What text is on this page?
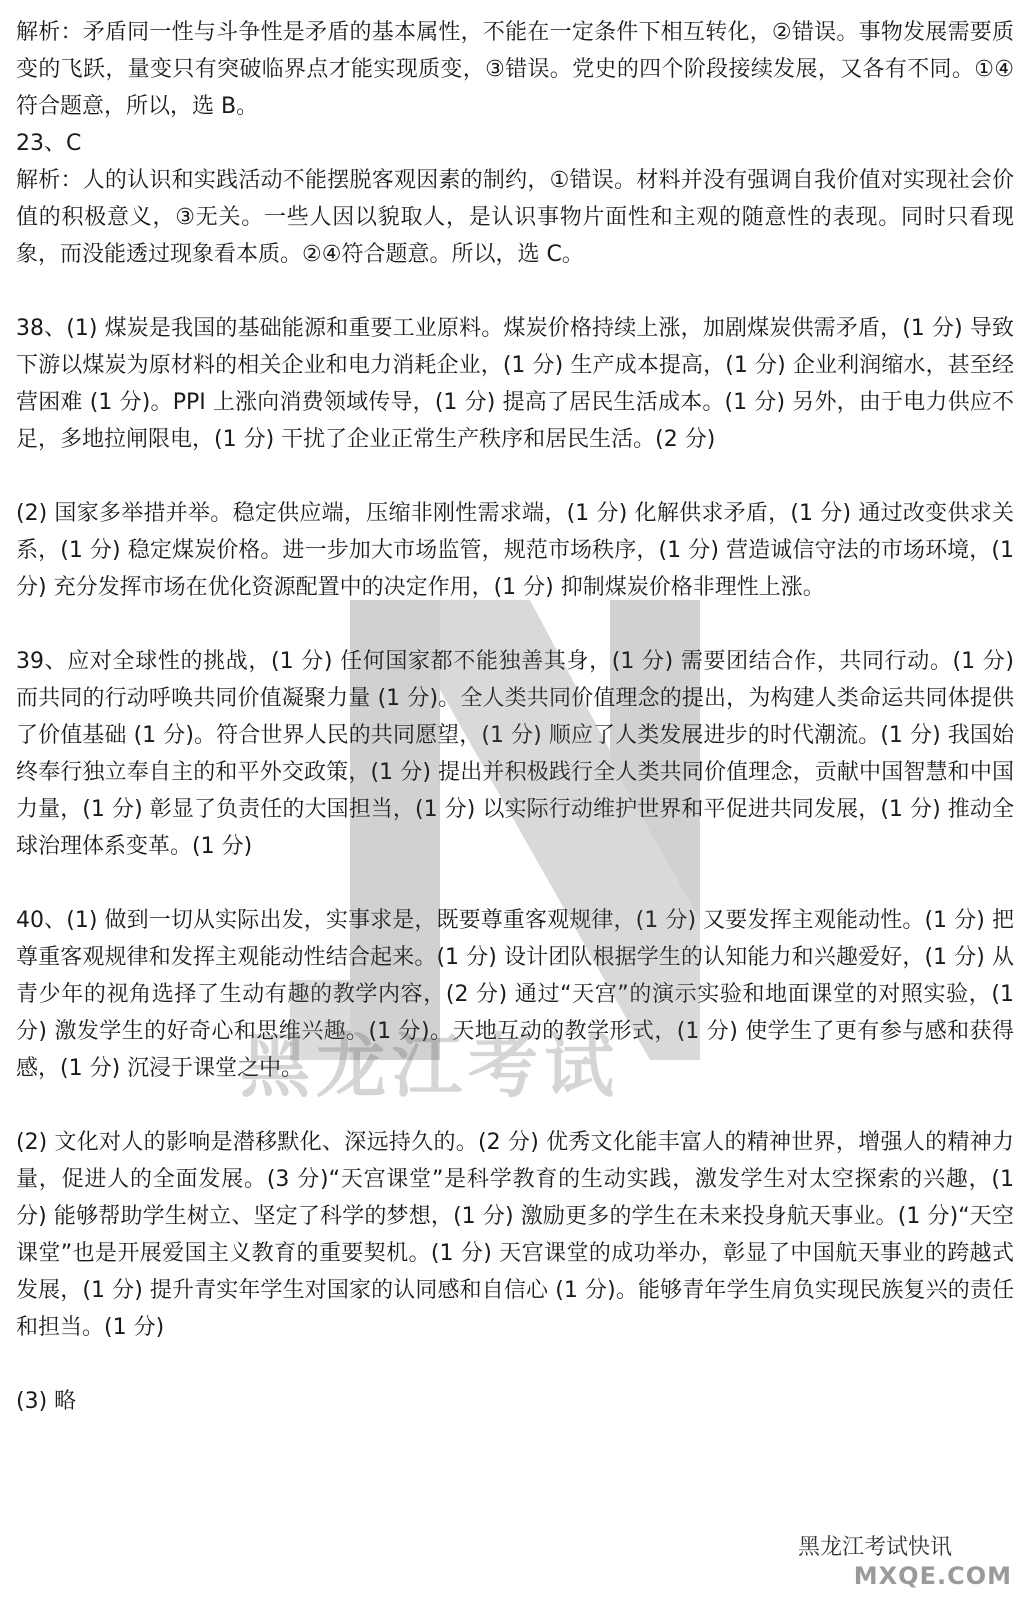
解析：矛盾同一性与斗争性是矛盾的基本属性，不能在一定条件下相互转化，②错误。事物发展需要质变的飞跃，量变只有突破临界点才能实现质变，③错误。党史的四个阶段接续发展，又各有不同。①④符合题意，所以，选 B。

23、C

解析：人的认识和实践活动不能摆脱客观因素的制约，①错误。材料并没有强调自我价值对实现社会价值的积极意义，③无关。一些人因以貌取人，是认识事物片面性和主观的随意性的表现。同时只看现象，而没能透过现象看本质。②④符合题意。所以，选 C。

38、(1) 煤炭是我国的基础能源和重要工业原料。煤炭价格持续上涨，加剧煤炭供需矛盾，(1 分) 导致下游以煤炭为原材料的相关企业和电力消耗企业，(1 分) 生产成本提高，(1 分) 企业利润缩水，甚至经营困难 (1 分)。PPI 上涨向消费领域传导，(1 分) 提高了居民生活成本。(1 分) 另外，由于电力供应不足，多地拉闸限电，(1 分) 干扰了企业正常生产秩序和居民生活。(2 分)

(2) 国家多举措并举。稳定供应端，压缩非刚性需求端，(1 分) 化解供求矛盾，(1 分) 通过改变供求关系，(1 分) 稳定煤炭价格。进一步加大市场监管，规范市场秩序，(1 分) 营造诚信守法的市场环境，(1 分) 充分发挥市场在优化资源配置中的决定作用，(1 分) 抑制煤炭价格非理性上涨。

39、应对全球性的挑战，(1 分) 任何国家都不能独善其身，(1 分) 需要团结合作，共同行动。(1 分) 而共同的行动呼唤共同价值凝聚力量 (1 分)。全人类共同价值理念的提出，为构建人类命运共同体提供了价值基础 (1 分)。符合世界人民的共同愿望，(1 分) 顺应了人类发展进步的时代潮流。(1 分) 我国始终奉行独立奉自主的和平外交政策，(1 分) 提出并积极践行全人类共同价值理念，贡献中国智慧和中国力量，(1 分) 彰显了负责任的大国担当，(1 分) 以实际行动维护世界和平促进共同发展，(1 分) 推动全球治理体系变革。(1 分)

40、(1) 做到一切从实际出发，实事求是，既要尊重客观规律，(1 分) 又要发挥主观能动性。(1 分) 把尊重客观规律和发挥主观能动性结合起来。(1 分) 设计团队根据学生的认知能力和兴趣爱好，(1 分) 从青少年的视角选择了生动有趣的教学内容，(2 分) 通过“天宫”的演示实验和地面课堂的对照实验，(1 分) 激发学生的好奇心和思维兴趣。(1 分)。天地互动的教学形式，(1 分) 使学生了更有参与感和获得感，(1 分) 沉浸于课堂之中。

(2) 文化对人的影响是潜移默化、深远持久的。(2 分) 优秀文化能丰富人的精神世界，增强人的精神力量，促进人的全面发展。(3 分)“天宫课堂”是科学教育的生动实践，激发学生对太空探索的兴趣，(1 分) 能够帮助学生树立、坚定了科学的梦想，(1 分) 激励更多的学生在未来投身航天事业。(1 分)“天空课堂”也是开展爱国主义教育的重要契机。(1 分) 天宫课堂的成功举办，彰显了中国航天事业的跨越式发展，(1 分) 提升青实年学生对国家的认同感和自信心 (1 分)。能够青年学生肩负实现民族复兴的责任和担当。(1 分)

(3) 略

黑龙江考试
黑龙江考试快讯
MXQE.COM
